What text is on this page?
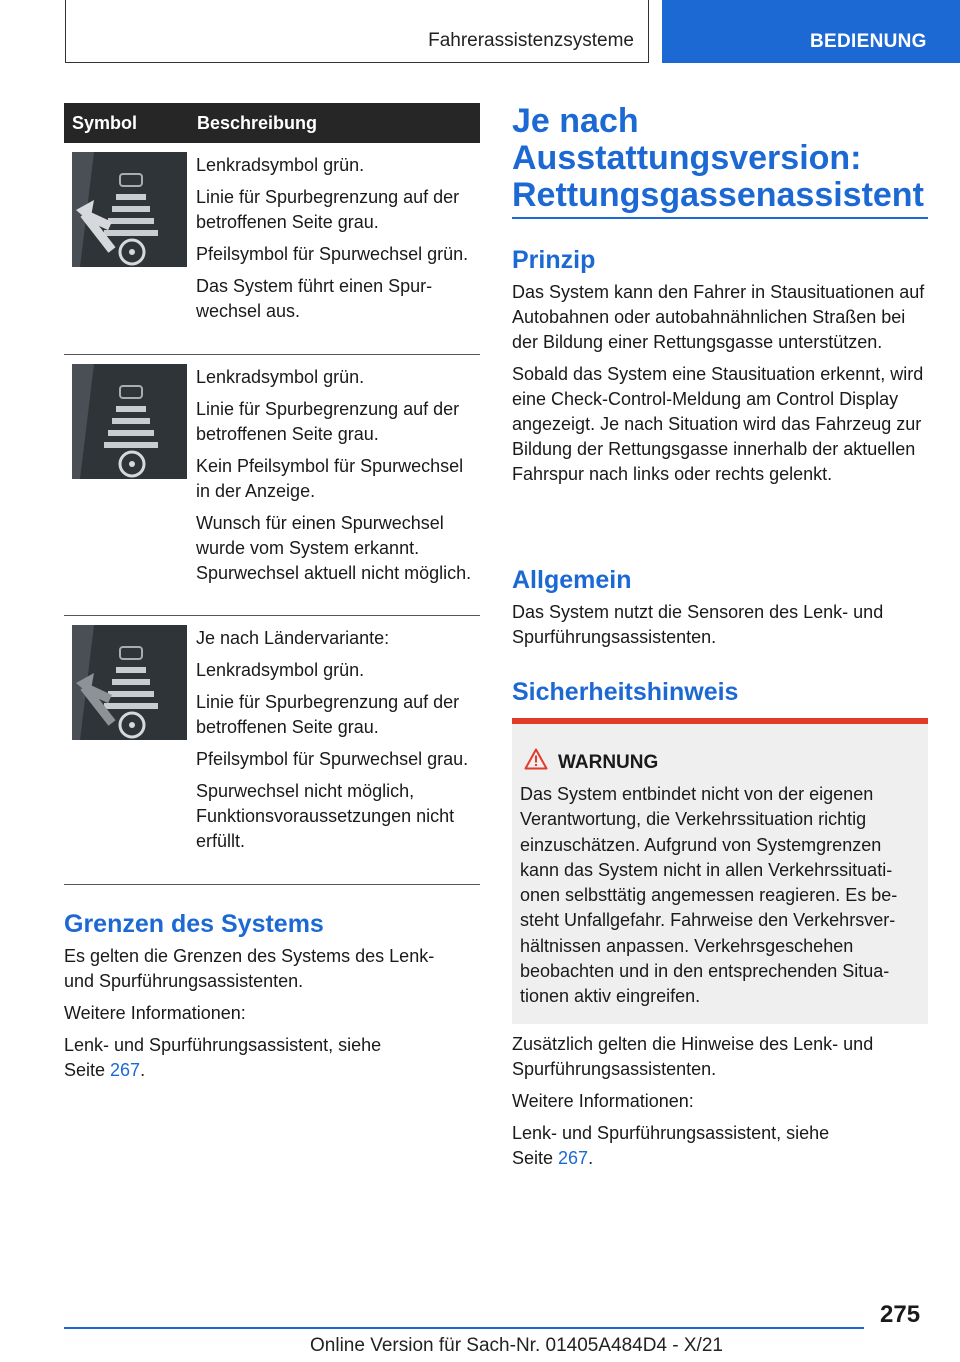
Fahrerassistenzsysteme	BEDIENUNG
Symbol	Beschreibung

Lenkradsymbol grün.

Linie für Spurbegrenzung auf der betroffenen Seite grau.

Pfeilsymbol für Spurwechsel grün.

Das System führt einen Spurwechsel aus.

Lenkradsymbol grün.

Linie für Spurbegrenzung auf der betroffenen Seite grau.

Kein Pfeilsymbol für Spurwechsel in der Anzeige.

Wunsch für einen Spurwechsel wurde vom System erkannt. Spurwechsel aktuell nicht möglich.

Je nach Ländervariante:

Lenkradsymbol grün.

Linie für Spurbegrenzung auf der betroffenen Seite grau.

Pfeilsymbol für Spurwechsel grau.

Spurwechsel nicht möglich, Funktionsvoraussetzungen nicht erfüllt.

Grenzen des Systems

Es gelten die Grenzen des Systems des Lenk- und Spurführungsassistenten.

Weitere Informationen:

Lenk- und Spurführungsassistent, siehe

Seite 267.

Je nach Ausstattungsversion: Rettungsgassenassistent
Prinzip

Das System kann den Fahrer in Stausituationen auf Autobahnen oder autobahnähnlichen Straßen bei der Bildung einer Rettungsgasse unterstützen.

Sobald das System eine Stausituation erkennt, wird eine Check-Control-Meldung am Control Display angezeigt. Je nach Situation wird das Fahrzeug zur Bildung der Rettungsgasse innerhalb der aktuellen Fahrspur nach links oder rechts gelenkt.

Allgemein

Das System nutzt die Sensoren des Lenk- und Spurführungsassistenten.

Sicherheitshinweis
WARNUNG

Das System entbindet nicht von der eigenen Verantwortung, die Verkehrssituation richtig einzuschätzen. Aufgrund von Systemgrenzen kann das System nicht in allen Verkehrssituationen selbsttätig angemessen reagieren. Es besteht Unfallgefahr. Fahrweise den Verkehrsverhältnissen anpassen. Verkehrsgeschehen beobachten und in den entsprechenden Situationen aktiv eingreifen.

Zusätzlich gelten die Hinweise des Lenk- und Spurführungsassistenten.

Weitere Informationen:

Lenk- und Spurführungsassistent, siehe

Seite 267.

275
Online Version für Sach-Nr. 01405A484D4 - X/21
